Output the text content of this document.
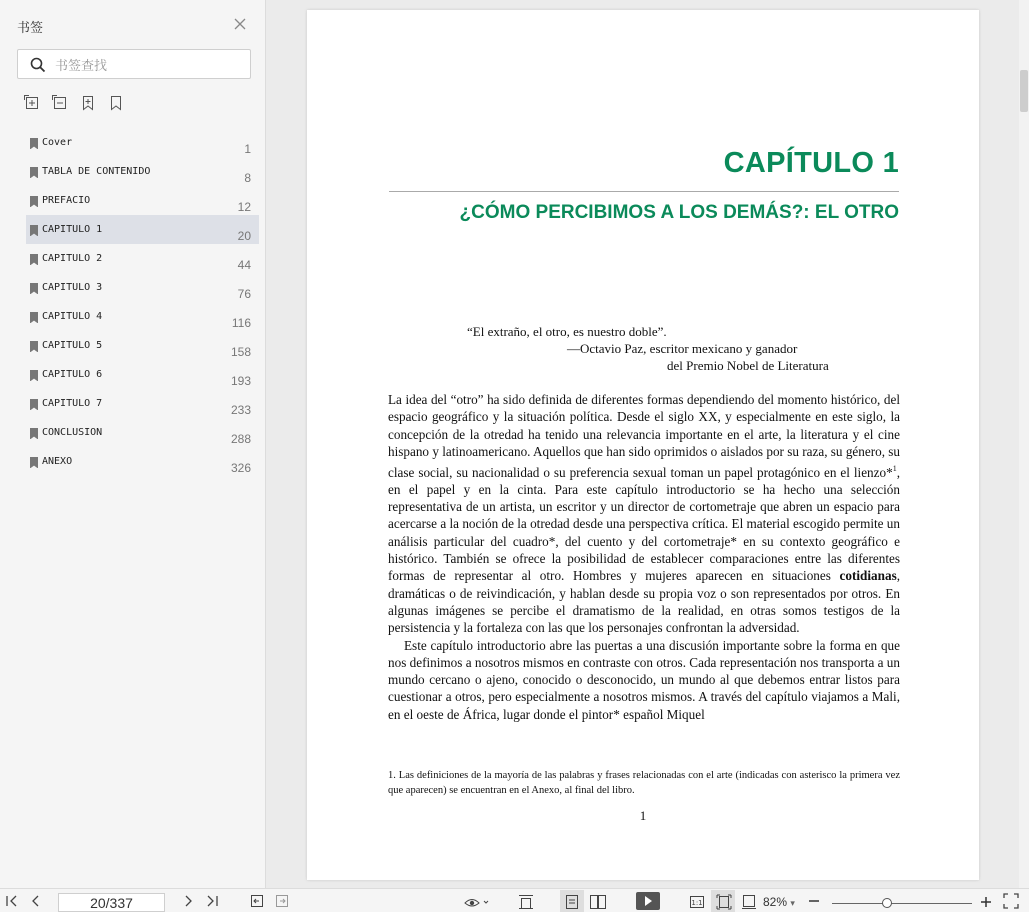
书签
书签查找
Cover	1
TABLA DE CONTENIDO	8
PREFACIO	12
CAPITULO 1	20
CAPITULO 2	44
CAPITULO 3	76
CAPITULO 4	116
CAPITULO 5	158
CAPITULO 6	193
CAPITULO 7	233
CONCLUSION	288
ANEXO	326
CAPÍTULO 1
¿CÓMO PERCIBIMOS A LOS DEMÁS?: EL OTRO
“El extraño, el otro, es nuestro doble”.
—Octavio Paz, escritor mexicano y ganador
del Premio Nobel de Literatura

La idea del “otro” ha sido definida de diferentes formas dependiendo del momento histórico, del espacio geográfico y la situación política. Desde el siglo XX, y especialmente en este siglo, la concepción de la otredad ha tenido una relevancia importante en el arte, la literatura y el cine hispano y latinoamericano. Aquellos que han sido oprimidos o aislados por su raza, su género, su clase social, su nacionalidad o su preferencia sexual toman un papel protagónico en el lienzo*$^1$, en el papel y en la cinta. Para este capítulo introductorio se ha hecho una selección representativa de un artista, un escritor y un director de cortometraje que abren un espacio para acercarse a la noción de la otredad desde una perspectiva crítica. El material escogido permite un análisis particular del cuadro*, del cuento y del cortometraje* en su contexto geográfico e histórico. También se ofrece la posibilidad de establecer comparaciones entre las diferentes formas de representar al otro. Hombres y mujeres aparecen en situaciones cotidianas, dramáticas o de reivindicación, y hablan desde su propia voz o son representados por otros. En algunas imágenes se percibe el dramatismo de la realidad, en otras somos testigos de la persistencia y la fortaleza con las que los personajes confrontan la adversidad.

Este capítulo introductorio abre las puertas a una discusión importante sobre la forma en que nos definimos a nosotros mismos en contraste con otros. Cada representación nos transporta a un mundo cercano o ajeno, conocido o desconocido, un mundo al que debemos entrar listos para cuestionar a otros, pero especialmente a nosotros mismos. A través del capítulo viajamos a Mali, en el oeste de África, lugar donde el pintor* español Miquel

1. Las definiciones de la mayoría de las palabras y frases relacionadas con el arte (indicadas con asterisco la primera vez que aparecen) se encuentran en el Anexo, al final del libro.
1
20/337	1:1	82% ▾
